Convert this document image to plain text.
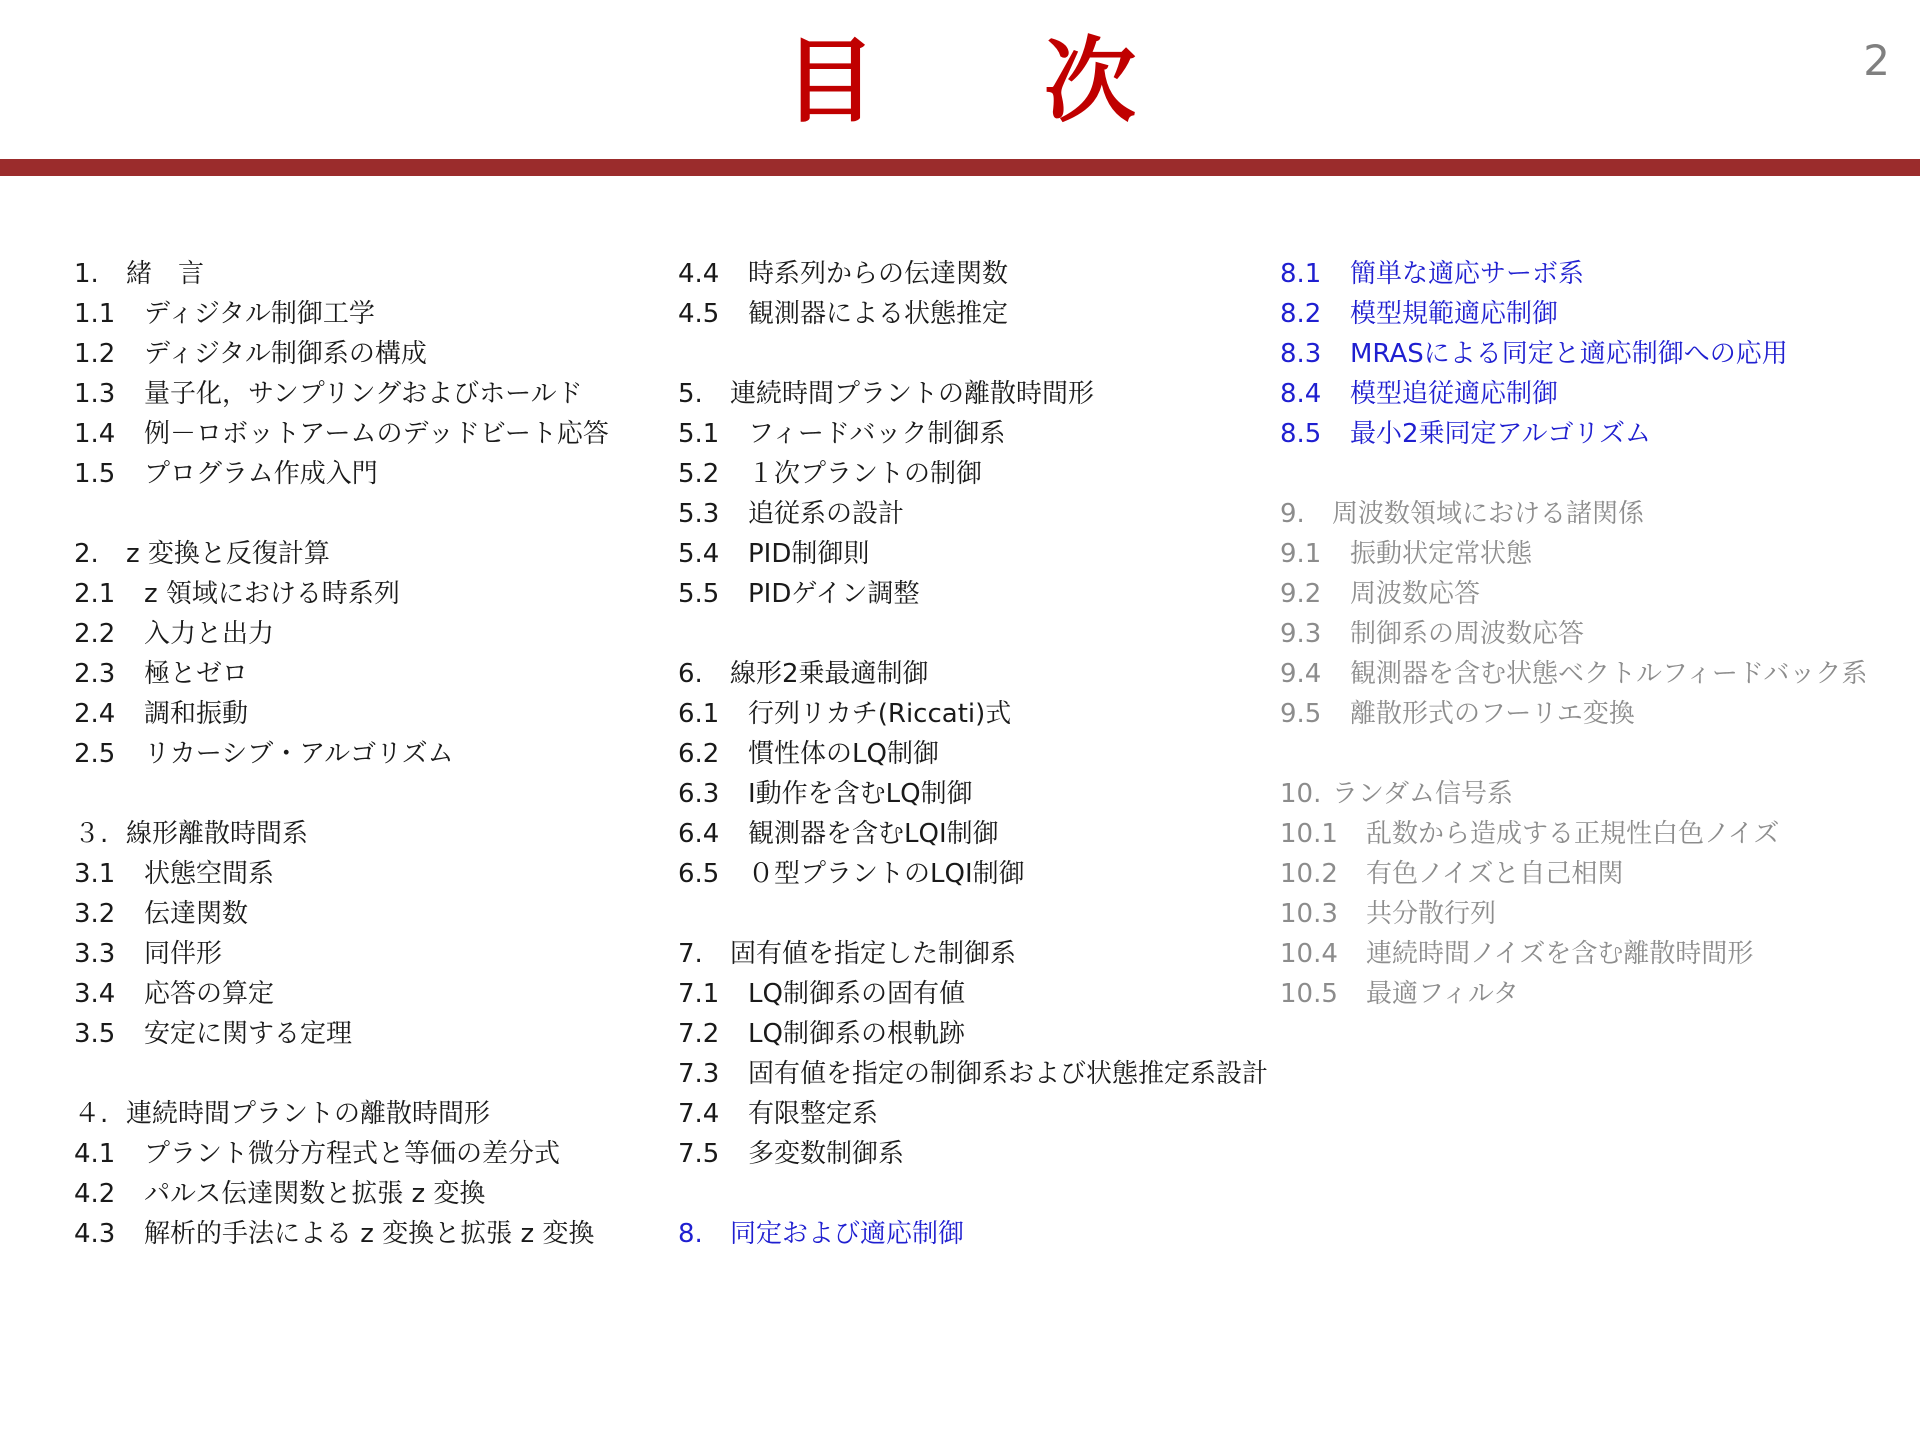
目 次	2
1. 緒　言
1.1 ディジタル制御工学
1.2 ディジタル制御系の構成
1.3 量子化，サンプリングおよびホールド
1.4 例－ロボットアームのデッドビート応答
1.5 プログラム作成入門
2. z 変換と反復計算
2.1 z 領域における時系列
2.2 入力と出力
2.3 極とゼロ
2.4 調和振動
2.5 リカーシブ・アルゴリズム
３. 線形離散時間系
3.1 状態空間系
3.2 伝達関数
3.3 同伴形
3.4 応答の算定
3.5 安定に関する定理
４. 連続時間プラントの離散時間形
4.1 プラント微分方程式と等価の差分式
4.2 パルス伝達関数と拡張 z 変換
4.3 解析的手法による z 変換と拡張 z 変換
4.4 時系列からの伝達関数
4.5 観測器による状態推定
5. 連続時間プラントの離散時間形
5.1 フィードバック制御系
5.2 １次プラントの制御
5.3 追従系の設計
5.4 PID制御則
5.5 PIDゲイン調整
6. 線形2乗最適制御
6.1 行列リカチ(Riccati)式
6.2 慣性体のLQ制御
6.3 I動作を含むLQ制御
6.4 観測器を含むLQI制御
6.5 ０型プラントのLQI制御
7. 固有値を指定した制御系
7.1 LQ制御系の固有値
7.2 LQ制御系の根軌跡
7.3 固有値を指定の制御系および状態推定系設計
7.4 有限整定系
7.5 多変数制御系
8. 同定および適応制御
8.1 簡単な適応サーボ系
8.2 模型規範適応制御
8.3 MRASによる同定と適応制御への応用
8.4 模型追従適応制御
8.5 最小2乗同定アルゴリズム
9. 周波数領域における諸関係
9.1 振動状定常状態
9.2 周波数応答
9.3 制御系の周波数応答
9.4 観測器を含む状態ベクトルフィードバック系
9.5 離散形式のフーリエ変換
10. ランダム信号系
10.1 乱数から造成する正規性白色ノイズ
10.2 有色ノイズと自己相関
10.3 共分散行列
10.4 連続時間ノイズを含む離散時間形
10.5 最適フィルタ
